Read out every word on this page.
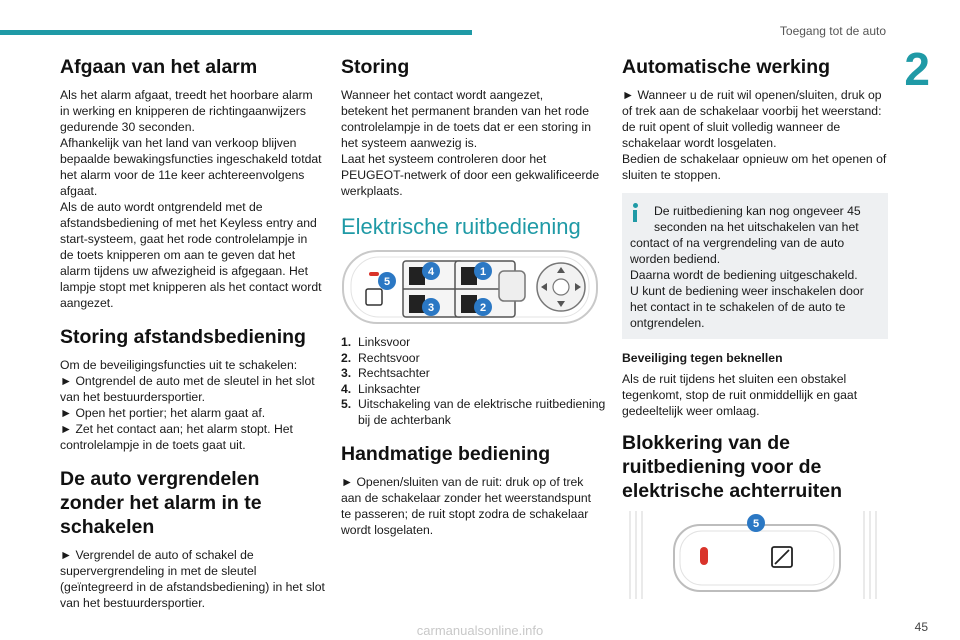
Toegang tot de auto
2
Afgaan van het alarm

Als het alarm afgaat, treedt het hoorbare alarm
in werking en knipperen de richtingaanwijzers
gedurende 30 seconden.
Afhankelijk van het land van verkoop blijven
bepaalde bewakingsfuncties ingeschakeld totdat
het alarm voor de 11e keer achtereenvolgens
afgaat.
Als de auto wordt ontgrendeld met de
afstandsbediening of met het Keyless entry and
start-systeem, gaat het rode controlelampje in
de toets knipperen om aan te geven dat het
alarm tijdens uw afwezigheid is afgegaan. Het
lampje stopt met knipperen als het contact wordt
aangezet.

Storing afstandsbediening

Om de beveiligingsfuncties uit te schakelen:
► Ontgrendel de auto met de sleutel in het slot
van het bestuurdersportier.
► Open het portier; het alarm gaat af.
► Zet het contact aan; het alarm stopt. Het
controlelampje in de toets gaat uit.

De auto vergrendelen
zonder het alarm in te
schakelen

► Vergrendel de auto of schakel de
supervergrendeling in met de sleutel
(geïntegreerd in de afstandsbediening) in het slot
van het bestuurdersportier.

Storing

Wanneer het contact wordt aangezet,
betekent het permanent branden van het rode
controlelampje in de toets dat er een storing in
het systeem aanwezig is.
Laat het systeem controleren door het
PEUGEOT-netwerk of door een gekwalificeerde
werkplaats.

Elektrische ruitbediening
1
2
3
4
5
1. Linksvoor
2. Rechtsvoor
3. Rechtsachter
4. Linksachter
5. Uitschakeling van de elektrische ruitbediening
bij de achterbank
Handmatige bediening

► Openen/sluiten van de ruit: druk op of trek
aan de schakelaar zonder het weerstandspunt
te passeren; de ruit stopt zodra de schakelaar
wordt losgelaten.

Automatische werking

► Wanneer u de ruit wil openen/sluiten, druk op
of trek aan de schakelaar voorbij het weerstand:
de ruit opent of sluit volledig wanneer de
schakelaar wordt losgelaten.
Bedien de schakelaar opnieuw om het openen of
sluiten te stoppen.

De ruitbediening kan nog ongeveer 45
seconden na het uitschakelen van het
contact of na vergrendeling van de auto
worden bediend.
Daarna wordt de bediening uitgeschakeld.
U kunt de bediening weer inschakelen door
het contact in te schakelen of de auto te
ontgrendelen.
Beveiliging tegen beknellen

Als de ruit tijdens het sluiten een obstakel
tegenkomt, stop de ruit onmiddellijk en gaat
gedeeltelijk weer omlaag.

Blokkering van de
ruitbediening voor de
elektrische achterruiten
5
carmanualsonline.info	45
